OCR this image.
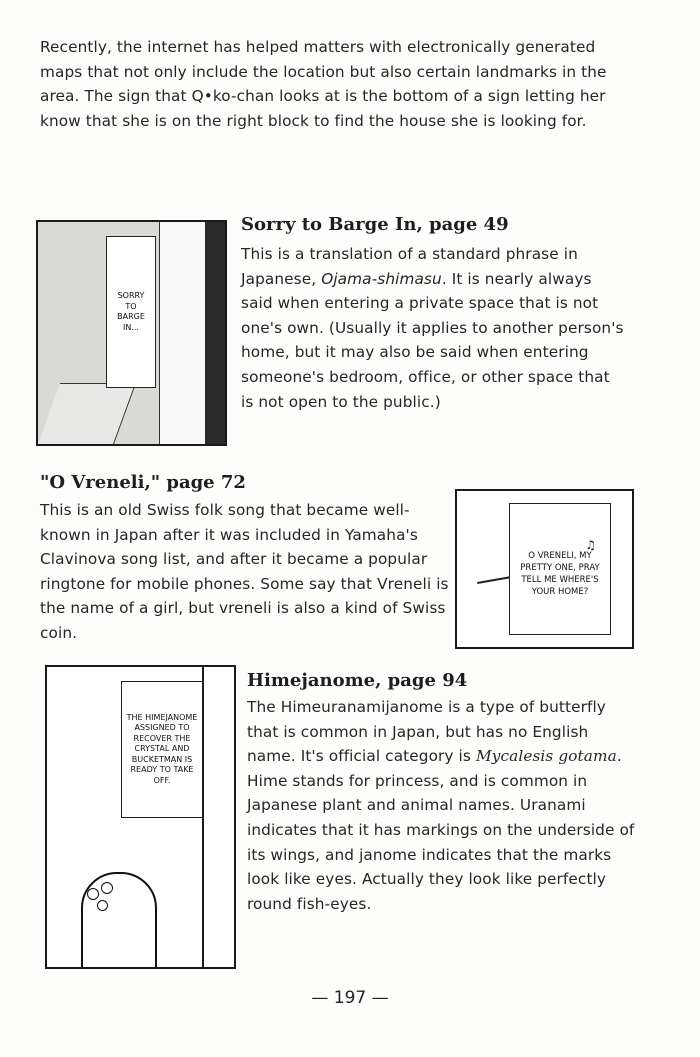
Recently, the internet has helped matters with electronically generated maps that not only include the location but also certain landmarks in the area. The sign that Q•ko-chan looks at is the bottom of a sign letting her know that she is on the right block to find the house she is looking for.
SORRY TO BARGE IN...
Sorry to Barge In, page 49
This is a translation of a standard phrase in Japanese, Ojama-shimasu. It is nearly always said when entering a private space that is not one's own. (Usually it applies to another person's home, but it may also be said when entering someone's bedroom, office, or other space that is not open to the public.)
"O Vreneli," page 72
This is an old Swiss folk song that became well-known in Japan after it was included in Yamaha's Clavinova song list, and after it became a popular ringtone for mobile phones. Some say that Vreneli is the name of a girl, but vreneli is also a kind of Swiss coin.
♫
O VRENELI, MY PRETTY ONE, PRAY TELL ME WHERE'S YOUR HOME?
THE HIMEJANOME ASSIGNED TO RECOVER THE CRYSTAL AND BUCKETMAN IS READY TO TAKE OFF.
Himejanome, page 94
The Himeuranamijanome is a type of butterfly that is common in Japan, but has no English name. It's official category is Mycalesis gotama. Hime stands for princess, and is common in Japanese plant and animal names. Uranami indicates that it has markings on the underside of its wings, and janome indicates that the marks look like eyes. Actually they look like perfectly round fish-eyes.
— 197 —
